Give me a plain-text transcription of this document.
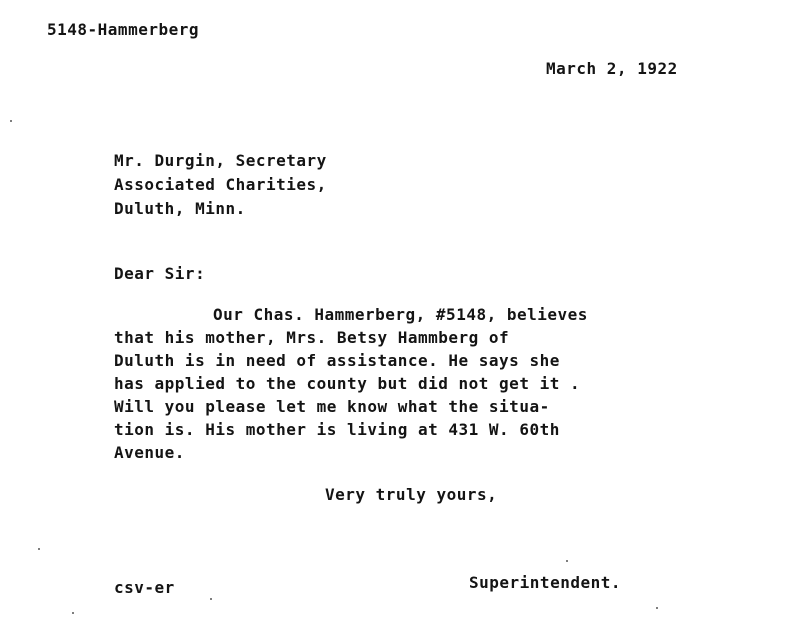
5148-Hammerberg
March 2, 1922
Mr. Durgin, Secretary
Associated Charities,
Duluth, Minn.
Dear Sir:
Our Chas. Hammerberg, #5148, believes
that his mother, Mrs. Betsy Hammberg of
Duluth is in need of assistance. He says she
has applied to the county but did not get it .
Will you please let me know what the situa-
tion is. His mother is living at 431 W. 60th
Avenue.
Very truly yours,
csv-er	Superintendent.
